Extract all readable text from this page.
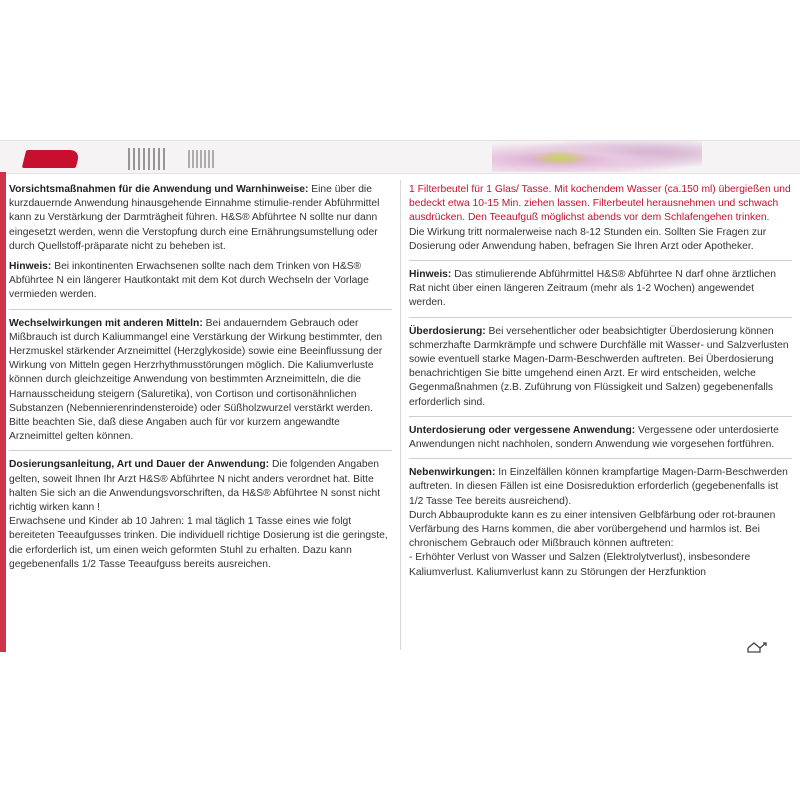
Vorsichtsmaßnahmen für die Anwendung und Warnhinweise: Eine über die kurzdauernde Anwendung hinausgehende Einnahme stimulie-render Abführmittel kann zu Verstärkung der Darmträgheit führen. H&S® Abführtee N sollte nur dann eingesetzt werden, wenn die Verstopfung durch eine Ernährungsumstellung oder durch Quellstoff-präparate nicht zu beheben ist.

Hinweis: Bei inkontinenten Erwachsenen sollte nach dem Trinken von H&S® Abführtee N ein längerer Hautkontakt mit dem Kot durch Wechseln der Vorlage vermieden werden.

Wechselwirkungen mit anderen Mitteln: Bei andauerndem Gebrauch oder Mißbrauch ist durch Kaliummangel eine Verstärkung der Wirkung bestimmter, den Herzmuskel stärkender Arzneimittel (Herzglykoside) sowie eine Beeinflussung der Wirkung von Mitteln gegen Herzrhythmusstörungen möglich. Die Kaliumverluste können durch gleichzeitige Anwendung von bestimmten Arzneimitteln, die die Harnausscheidung steigern (Saluretika), von Cortison und cortisonähnlichen Substanzen (Nebennierenrindensteroide) oder Süßholzwurzel verstärkt werden. Bitte beachten Sie, daß diese Angaben auch für vor kurzem angewandte Arzneimittel gelten können.

Dosierungsanleitung, Art und Dauer der Anwendung: Die folgenden Angaben gelten, soweit Ihnen Ihr Arzt H&S® Abführtee N nicht anders verordnet hat. Bitte halten Sie sich an die Anwendungsvorschriften, da H&S® Abführtee N sonst nicht richtig wirken kann !

Erwachsene und Kinder ab 10 Jahren: 1 mal täglich 1 Tasse eines wie folgt bereiteten Teeaufgusses trinken. Die individuell richtige Dosierung ist die geringste, die erforderlich ist, um einen weich geformten Stuhl zu erhalten. Dazu kann gegebenenfalls 1/2 Tasse Teeaufguss bereits ausreichen.

1 Filterbeutel für 1 Glas/ Tasse. Mit kochendem Wasser (ca.150 ml) übergießen und bedeckt etwa 10-15 Min. ziehen lassen. Filterbeutel herausnehmen und schwach ausdrücken. Den Teeaufguß möglichst abends vor dem Schlafengehen trinken.

Die Wirkung tritt normalerweise nach 8-12 Stunden ein. Sollten Sie Fragen zur Dosierung oder Anwendung haben, befragen Sie Ihren Arzt oder Apotheker.

Hinweis: Das stimulierende Abführmittel H&S® Abführtee N darf ohne ärztlichen Rat nicht über einen längeren Zeitraum (mehr als 1-2 Wochen) angewendet werden.

Überdosierung: Bei versehentlicher oder beabsichtigter Überdosierung können schmerzhafte Darmkrämpfe und schwere Durchfälle mit Wasser- und Salzverlusten sowie eventuell starke Magen-Darm-Beschwerden auftreten. Bei Überdosierung benachrichtigen Sie bitte umgehend einen Arzt. Er wird entscheiden, welche Gegenmaßnahmen (z.B. Zuführung von Flüssigkeit und Salzen) gegebenenfalls erforderlich sind.

Unterdosierung oder vergessene Anwendung: Vergessene oder unterdosierte Anwendungen nicht nachholen, sondern Anwendung wie vorgesehen fortführen.

Nebenwirkungen: In Einzelfällen können krampfartige Magen-Darm-Beschwerden auftreten. In diesen Fällen ist eine Dosisreduktion erforderlich (gegebenenfalls ist 1/2 Tasse Tee bereits ausreichend).

Durch Abbauprodukte kann es zu einer intensiven Gelbfärbung oder rot-braunen Verfärbung des Harns kommen, die aber vorübergehend und harmlos ist. Bei chronischem Gebrauch oder Mißbrauch können auftreten:

- Erhöhter Verlust von Wasser und Salzen (Elektrolytverlust), insbesondere Kaliumverlust. Kaliumverlust kann zu Störungen der Herzfunktion
